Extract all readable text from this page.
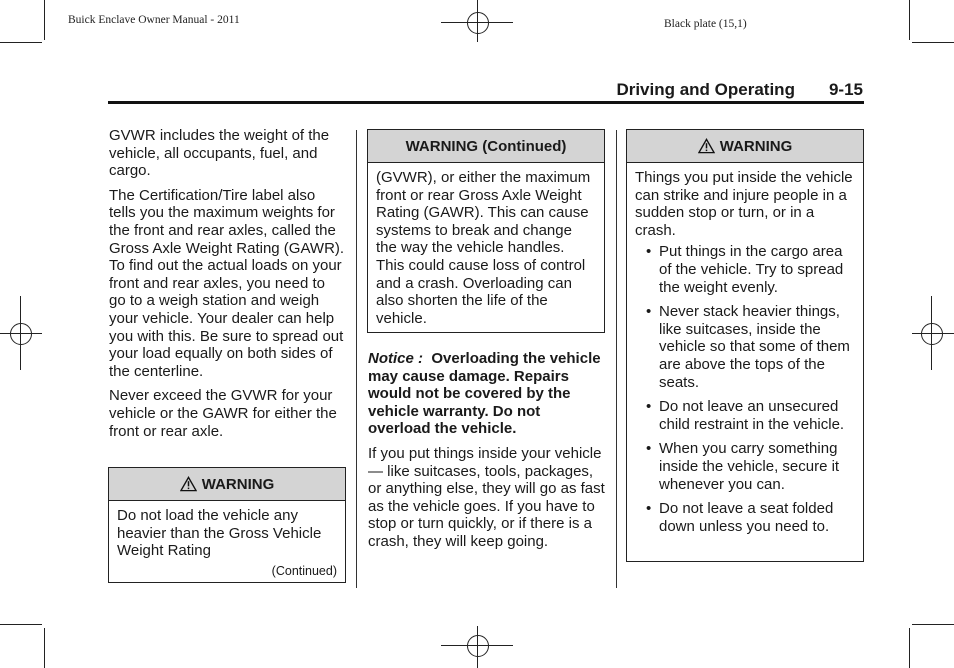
Buick Enclave Owner Manual - 2011	Black plate (15,1)
Driving and Operating 9-15

GVWR includes the weight of the vehicle, all occupants, fuel, and cargo.

The Certification/Tire label also tells you the maximum weights for the front and rear axles, called the Gross Axle Weight Rating (GAWR). To find out the actual loads on your front and rear axles, you need to go to a weigh station and weigh your vehicle. Your dealer can help you with this. Be sure to spread out your load equally on both sides of the centerline.

Never exceed the GVWR for your vehicle or the GAWR for either the front or rear axle.

WARNING
Do not load the vehicle any heavier than the Gross Vehicle Weight Rating
(Continued)
WARNING (Continued)
(GVWR), or either the maximum front or rear Gross Axle Weight Rating (GAWR). This can cause systems to break and change the way the vehicle handles. This could cause loss of control and a crash. Overloading can also shorten the life of the vehicle.

Notice : Overloading the vehicle may cause damage. Repairs would not be covered by the vehicle warranty. Do not overload the vehicle.

If you put things inside your vehicle — like suitcases, tools, packages, or anything else, they will go as fast as the vehicle goes. If you have to stop or turn quickly, or if there is a crash, they will keep going.

WARNING
Things you put inside the vehicle can strike and injure people in a sudden stop or turn, or in a crash.
• Put things in the cargo area of the vehicle. Try to spread the weight evenly.
• Never stack heavier things, like suitcases, inside the vehicle so that some of them are above the tops of the seats.
• Do not leave an unsecured child restraint in the vehicle.
• When you carry something inside the vehicle, secure it whenever you can.
• Do not leave a seat folded down unless you need to.
